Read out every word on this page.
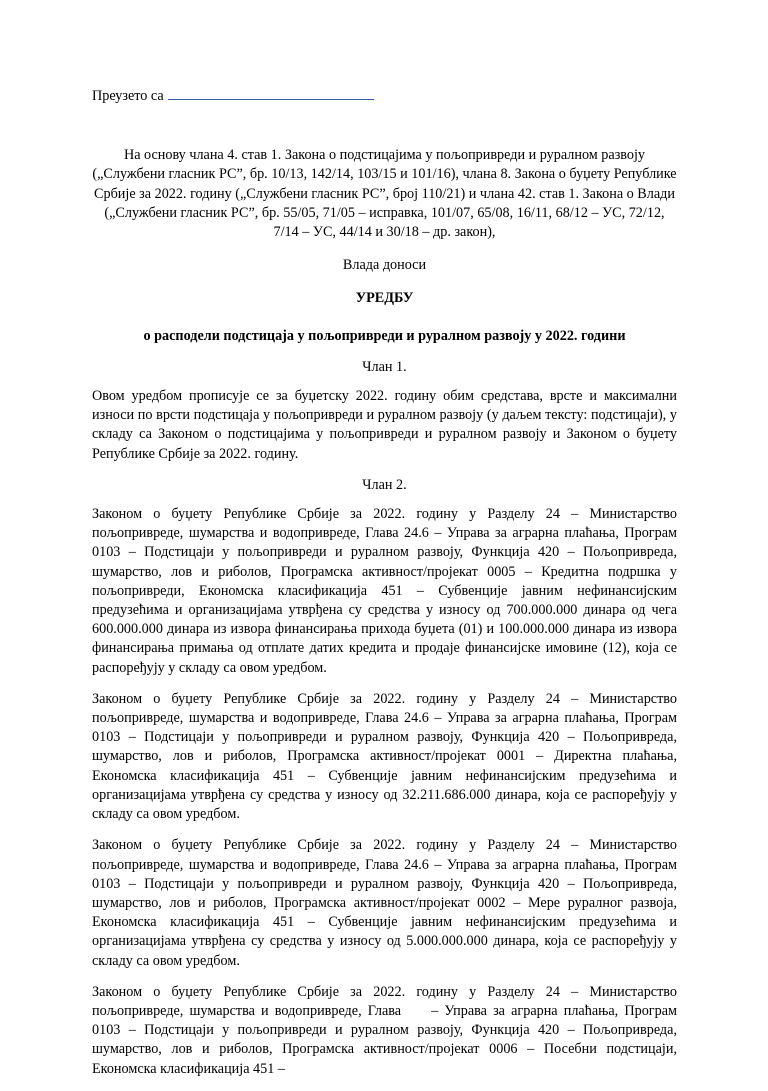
Преузето са

На основу члана 4. став 1. Закона о подстицајима у пољопривреди и руралном развоју („Службени гласник РС”, бр. 10/13, 142/14, 103/15 и 101/16), члана 8. Закона о буџету Републике Србије за 2022. годину („Службени гласник РС”, број 110/21) и члана 42. став 1. Закона о Влади („Службени гласник РС”, бр. 55/05, 71/05 – исправка, 101/07, 65/08, 16/11, 68/12 – УС, 72/12, 7/14 – УС, 44/14 и 30/18 – др. закон),

Влада доноси

УРЕДБУ

о расподели подстицаја у пољопривреди и руралном развоју у 2022. години

Члан 1.

Овом уредбом прописује се за буџетску 2022. годину обим средстава, врсте и максимални износи по врсти подстицаја у пољопривреди и руралном развоју (у даљем тексту: подстицаји), у складу са Законом о подстицајима у пољопривреди и руралном развоју и Законом о буџету Републике Србије за 2022. годину.

Члан 2.

Законом о буџету Републике Србије за 2022. годину у Разделу 24 – Министарство пољопривреде, шумарства и водопривреде, Глава 24.6 – Управа за аграрна плаћања, Програм 0103 – Подстицаји у пољопривреди и руралном развоју, Функција 420 – Пољопривреда, шумарство, лов и риболов, Програмска активност/пројекат 0005 – Кредитна подршка у пољопривреди, Економска класификација 451 – Субвенције јавним нефинансијским предузећима и организацијама утврђена су средства у износу од 700.000.000 динара од чега 600.000.000 динара из извора финансирања прихода буџета (01) и 100.000.000 динара из извора финансирања примања од отплате датих кредита и продаје финансијске имовине (12), која се распоређују у складу са овом уредбом.

Законом о буџету Републике Србије за 2022. годину у Разделу 24 – Министарство пољопривреде, шумарства и водопривреде, Глава 24.6 – Управа за аграрна плаћања, Програм 0103 – Подстицаји у пољопривреди и руралном развоју, Функција 420 – Пољопривреда, шумарство, лов и риболов, Програмска активност/пројекат 0001 – Директна плаћања, Економска класификација 451 – Субвенције јавним нефинансијским предузећима и организацијама утврђена су средства у износу од 32.211.686.000 динара, која се распоређују у складу са овом уредбом.

Законом о буџету Републике Србије за 2022. годину у Разделу 24 – Министарство пољопривреде, шумарства и водопривреде, Глава 24.6 – Управа за аграрна плаћања, Програм 0103 – Подстицаји у пољопривреди и руралном развоју, Функција 420 – Пољопривреда, шумарство, лов и риболов, Програмска активност/пројекат 0002 – Мере руралног развоја, Економска класификација 451 – Субвенције јавним нефинансијским предузећима и организацијама утврђена су средства у износу од 5.000.000.000 динара, која се распоређују у складу са овом уредбом.

Законом о буџету Републике Србије за 2022. годину у Разделу 24 – Министарство пољопривреде, шумарства и водопривреде, Глава – Управа за аграрна плаћања, Програм 0103 – Подстицаји у пољопривреди и руралном развоју, Функција 420 – Пољопривреда, шумарство, лов и риболов, Програмска активност/пројекат 0006 – Посебни подстицаји, Економска класификација 451 –
